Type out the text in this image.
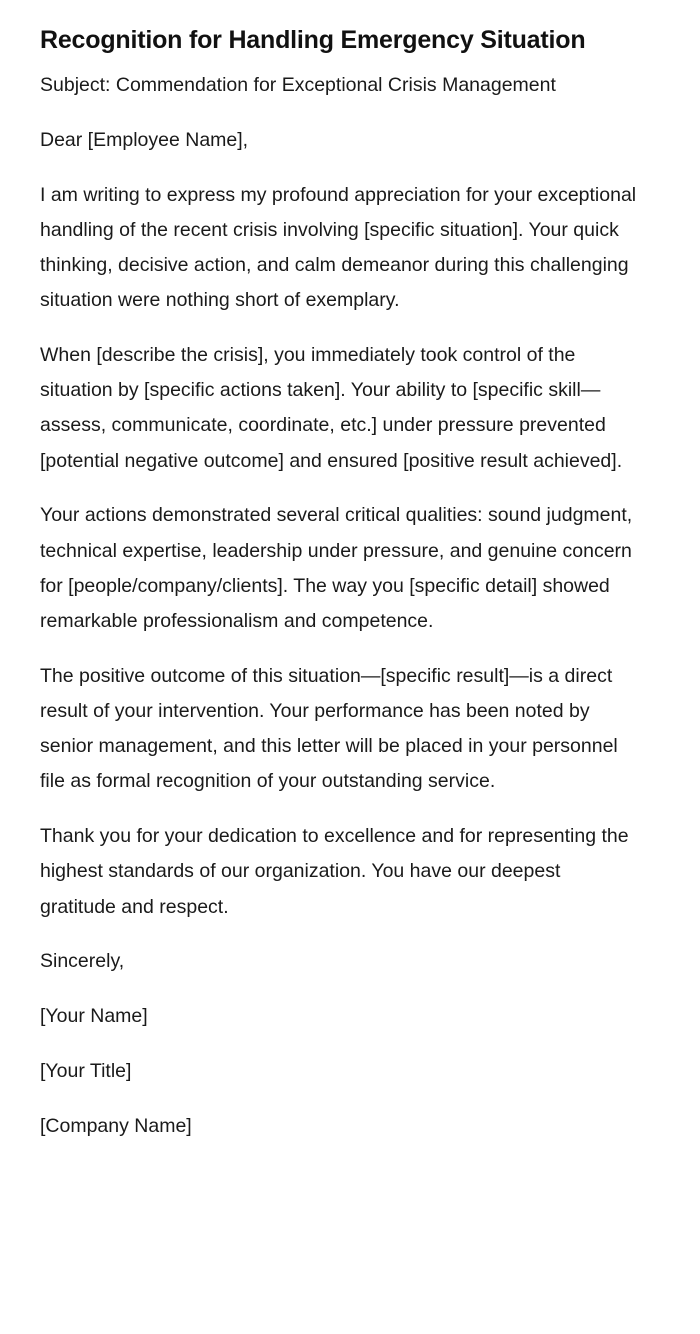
Recognition for Handling Emergency Situation

Subject: Commendation for Exceptional Crisis Management

Dear [Employee Name],

I am writing to express my profound appreciation for your exceptional handling of the recent crisis involving [specific situation]. Your quick thinking, decisive action, and calm demeanor during this challenging situation were nothing short of exemplary.

When [describe the crisis], you immediately took control of the situation by [specific actions taken]. Your ability to [specific skill—assess, communicate, coordinate, etc.] under pressure prevented [potential negative outcome] and ensured [positive result achieved].

Your actions demonstrated several critical qualities: sound judgment, technical expertise, leadership under pressure, and genuine concern for [people/company/clients]. The way you [specific detail] showed remarkable professionalism and competence.

The positive outcome of this situation—[specific result]—is a direct result of your intervention. Your performance has been noted by senior management, and this letter will be placed in your personnel file as formal recognition of your outstanding service.

Thank you for your dedication to excellence and for representing the highest standards of our organization. You have our deepest gratitude and respect.

Sincerely,

[Your Name]

[Your Title]

[Company Name]
